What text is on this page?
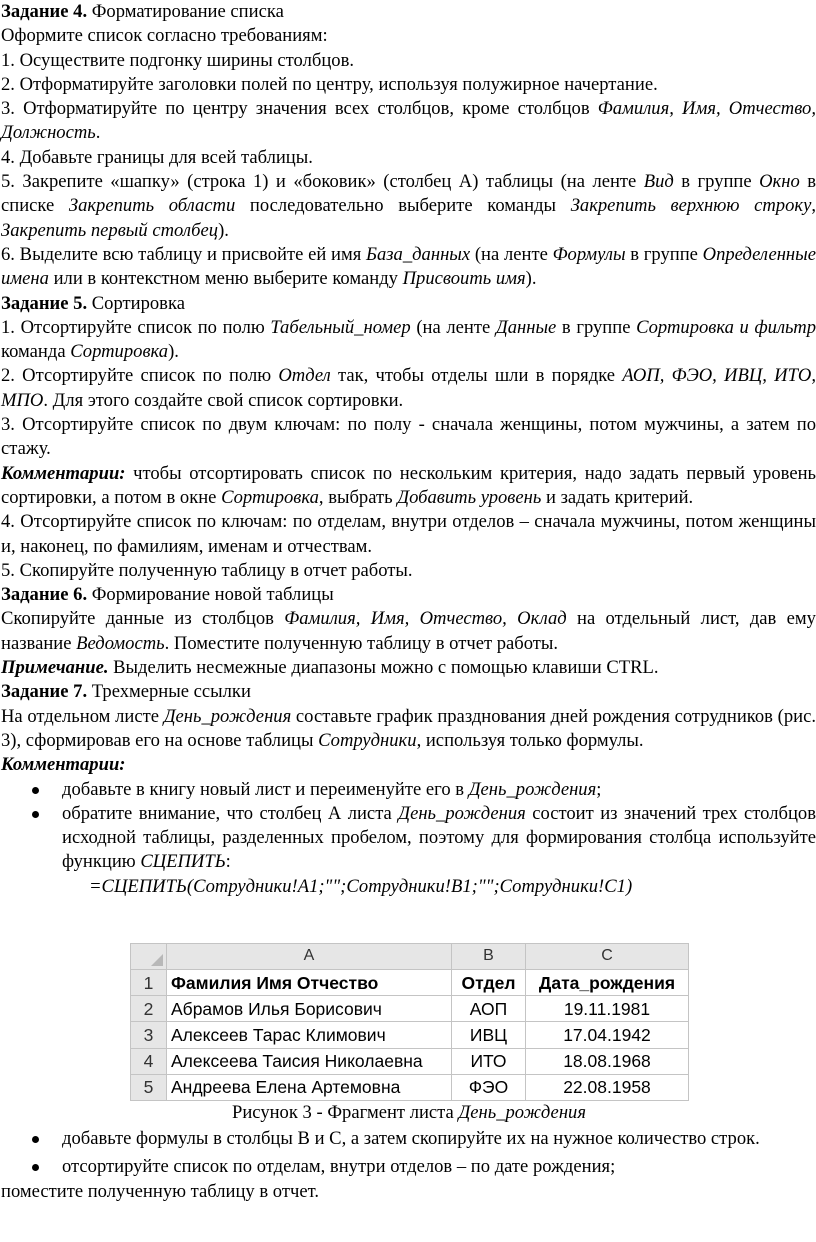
Задание 4. Форматирование списка

Оформите список согласно требованиям:

1. Осуществите подгонку ширины столбцов.

2. Отформатируйте заголовки полей по центру, используя полужирное начертание.

3. Отформатируйте по центру значения всех столбцов, кроме столбцов Фамилия, Имя, Отчество, Должность.

4. Добавьте границы для всей таблицы.

5. Закрепите «шапку» (строка 1) и «боковик» (столбец А) таблицы (на ленте Вид в группе Окно в списке Закрепить области последовательно выберите команды Закрепить верхнюю строку, Закрепить первый столбец).

6. Выделите всю таблицу и присвойте ей имя База_данных (на ленте Формулы в группе Определенные имена или в контекстном меню выберите команду Присвоить имя).

Задание 5. Сортировка

1. Отсортируйте список по полю Табельный_номер (на ленте Данные в группе Сортировка и фильтр команда Сортировка).

2. Отсортируйте список по полю Отдел так, чтобы отделы шли в порядке АОП, ФЭО, ИВЦ, ИТО, МПО. Для этого создайте свой список сортировки.

3. Отсортируйте список по двум ключам: по полу - сначала женщины, потом мужчины, а затем по стажу.

Комментарии: чтобы отсортировать список по нескольким критерия, надо задать первый уровень сортировки, а потом в окне Сортировка, выбрать Добавить уровень и задать критерий.

4. Отсортируйте список по ключам: по отделам, внутри отделов – сначала мужчины, потом женщины и, наконец, по фамилиям, именам и отчествам.

5. Скопируйте полученную таблицу в отчет работы.

Задание 6. Формирование новой таблицы

Скопируйте данные из столбцов Фамилия, Имя, Отчество, Оклад на отдельный лист, дав ему название Ведомость. Поместите полученную таблицу в отчет работы.

Примечание. Выделить несмежные диапазоны можно с помощью клавиши CTRL.

Задание 7. Трехмерные ссылки

На отдельном листе День_рождения составьте график празднования дней рождения сотрудников (рис. 3), сформировав его на основе таблицы Сотрудники, используя только формулы.

Комментарии:

добавьте в книгу новый лист и переименуйте его в День_рождения;

обратите внимание, что столбец А листа День_рождения состоит из значений трех столбцов исходной таблицы, разделенных пробелом, поэтому для формирования столбца используйте функцию СЦЕПИТЬ:

=СЦЕПИТЬ(Сотрудники!A1;"";Сотрудники!B1;"";Сотрудники!C1)

	A	B	C
1	Фамилия Имя Отчество	Отдел	Дата_рождения
2	Абрамов Илья Борисович	АОП	19.11.1981
3	Алексеев Тарас Климович	ИВЦ	17.04.1942
4	Алексеева Таисия Николаевна	ИТО	18.08.1968
5	Андреева Елена Артемовна	ФЭО	22.08.1958

Рисунок 3 - Фрагмент листа День_рождения

добавьте формулы в столбцы B и C, а затем скопируйте их на нужное количество строк.

отсортируйте список по отделам, внутри отделов – по дате рождения;

поместите полученную таблицу в отчет.
